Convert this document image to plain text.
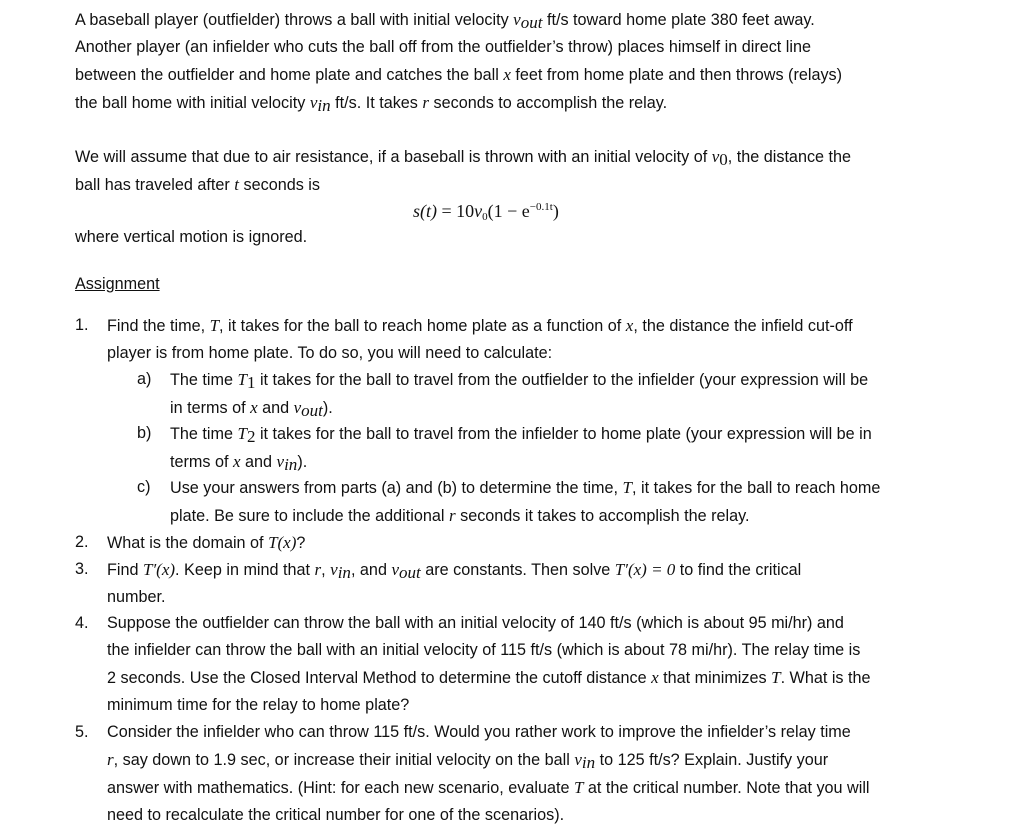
A baseball player (outfielder) throws a ball with initial velocity $v_{out}$ ft/s toward home plate 380 feet away.
Another player (an infielder who cuts the ball off from the outfielder’s throw) places himself in direct line
between the outfielder and home plate and catches the ball x feet from home plate and then throws (relays)
the ball home with initial velocity $v_{in}$ ft/s. It takes r seconds to accomplish the relay.
We will assume that due to air resistance, if a baseball is thrown with an initial velocity of $v_0$, the distance the
ball has traveled after t seconds is
$s(t) = 10v_0(1 - e^{-0.1t})$
where vertical motion is ignored.
Assignment
1. Find the time, T, it takes for the ball to reach home plate as a function of x, the distance the infield cut-off
player is from home plate. To do so, you will need to calculate:
a) The time $T_1$ it takes for the ball to travel from the outfielder to the infielder (your expression will be
in terms of x and $v_{out}$).
b) The time $T_2$ it takes for the ball to travel from the infielder to home plate (your expression will be in
terms of x and $v_{in}$).
c) Use your answers from parts (a) and (b) to determine the time, T, it takes for the ball to reach home
plate. Be sure to include the additional r seconds it takes to accomplish the relay.
2. What is the domain of T(x)?
3. Find T′(x). Keep in mind that r, $v_{in}$, and $v_{out}$ are constants. Then solve T′(x) = 0 to find the critical
number.
4. Suppose the outfielder can throw the ball with an initial velocity of 140 ft/s (which is about 95 mi/hr) and
the infielder can throw the ball with an initial velocity of 115 ft/s (which is about 78 mi/hr). The relay time is
2 seconds. Use the Closed Interval Method to determine the cutoff distance x that minimizes T. What is the
minimum time for the relay to home plate?
5. Consider the infielder who can throw 115 ft/s. Would you rather work to improve the infielder’s relay time
r, say down to 1.9 sec, or increase their initial velocity on the ball $v_{in}$ to 125 ft/s? Explain. Justify your
answer with mathematics. (Hint: for each new scenario, evaluate T at the critical number. Note that you will
need to recalculate the critical number for one of the scenarios).
